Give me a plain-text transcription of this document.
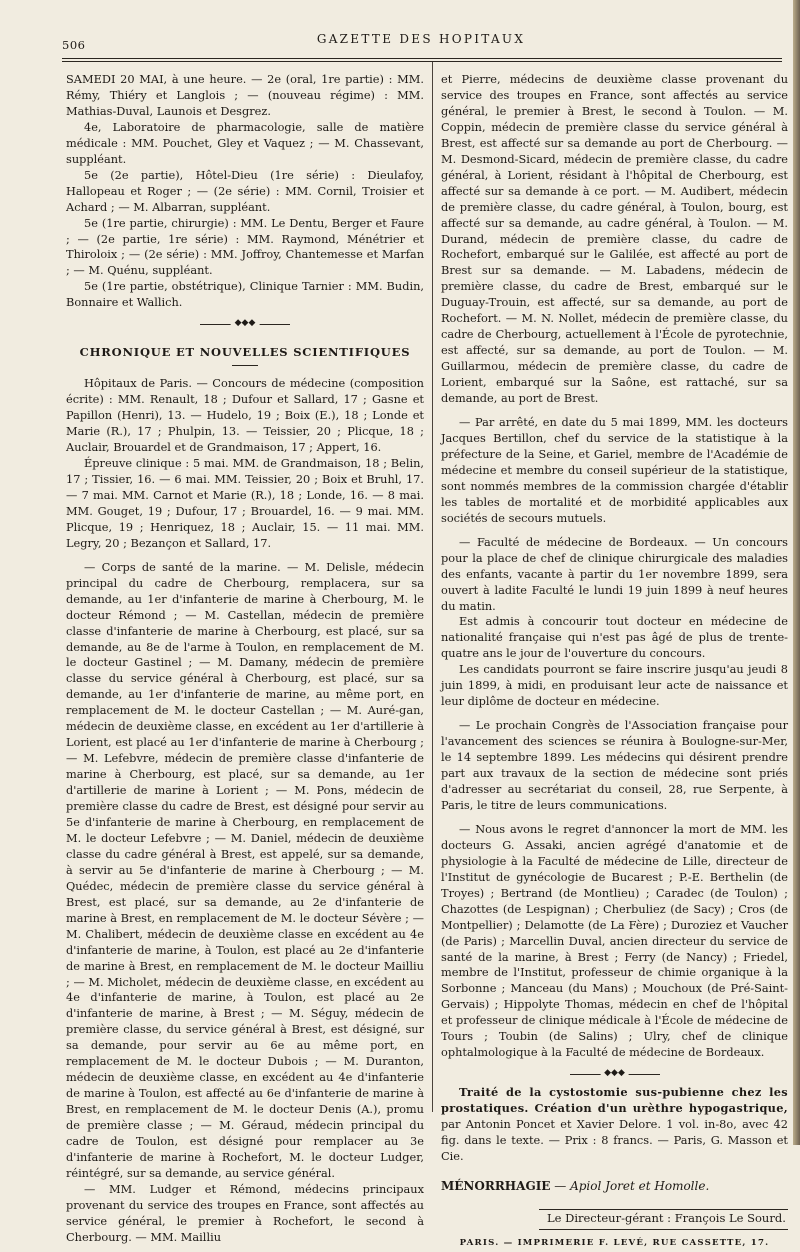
506	GAZETTE DES HOPITAUX

SAMEDI 20 MAI, à une heure. — 2e (oral, 1re partie) : MM. Rémy, Thiéry et Langlois ; — (nouveau régime) : MM. Mathias-Duval, Launois et Desgrez.

4e, Laboratoire de pharmacologie, salle de matière médicale : MM. Pouchet, Gley et Vaquez ; — M. Chassevant, suppléant.

5e (2e partie), Hôtel-Dieu (1re série) : Dieulafoy, Hallopeau et Roger ; — (2e série) : MM. Cornil, Troisier et Achard ; — M. Albarran, suppléant.

5e (1re partie, chirurgie) : MM. Le Dentu, Berger et Faure ; — (2e partie, 1re série) : MM. Raymond, Ménétrier et Thiroloix ; — (2e série) : MM. Joffroy, Chantemesse et Marfan ; — M. Quénu, suppléant.

5e (1re partie, obstétrique), Clinique Tarnier : MM. Budin, Bonnaire et Wallich.

◆◆◆
CHRONIQUE ET NOUVELLES SCIENTIFIQUES

Hôpitaux de Paris. — Concours de médecine (composition écrite) : MM. Renault, 18 ; Dufour et Sallard, 17 ; Gasne et Papillon (Henri), 13. — Hudelo, 19 ; Boix (E.), 18 ; Londe et Marie (R.), 17 ; Phulpin, 13. — Teissier, 20 ; Plicque, 18 ; Auclair, Brouardel et de Grandmaison, 17 ; Appert, 16.

Épreuve clinique : 5 mai. MM. de Grandmaison, 18 ; Belin, 17 ; Tissier, 16. — 6 mai. MM. Teissier, 20 ; Boix et Bruhl, 17. — 7 mai. MM. Carnot et Marie (R.), 18 ; Londe, 16. — 8 mai. MM. Gouget, 19 ; Dufour, 17 ; Brouardel, 16. — 9 mai. MM. Plicque, 19 ; Henriquez, 18 ; Auclair, 15. — 11 mai. MM. Legry, 20 ; Bezançon et Sallard, 17.

— Corps de santé de la marine. — M. Delisle, médecin principal du cadre de Cherbourg, remplacera, sur sa demande, au 1er d'infanterie de marine à Cherbourg, M. le docteur Rémond ; — M. Castellan, médecin de première classe d'infanterie de marine à Cherbourg, est placé, sur sa demande, au 8e de l'arme à Toulon, en remplacement de M. le docteur Gastinel ; — M. Damany, médecin de première classe du service général à Cherbourg, est placé, sur sa demande, au 1er d'infanterie de marine, au même port, en remplacement de M. le docteur Castellan ; — M. Auré-gan, médecin de deuxième classe, en excédent au 1er d'artillerie à Lorient, est placé au 1er d'infanterie de marine à Cherbourg ; — M. Lefebvre, médecin de première classe d'infanterie de marine à Cherbourg, est placé, sur sa demande, au 1er d'artillerie de marine à Lorient ; — M. Pons, médecin de première classe du cadre de Brest, est désigné pour servir au 5e d'infanterie de marine à Cherbourg, en remplacement de M. le docteur Lefebvre ; — M. Daniel, médecin de deuxième classe du cadre général à Brest, est appelé, sur sa demande, à servir au 5e d'infanterie de marine à Cherbourg ; — M. Quédec, médecin de première classe du service général à Brest, est placé, sur sa demande, au 2e d'infanterie de marine à Brest, en remplacement de M. le docteur Sévère ; — M. Chalibert, médecin de deuxième classe en excédent au 4e d'infanterie de marine, à Toulon, est placé au 2e d'infanterie de marine à Brest, en remplacement de M. le docteur Mailliu ; — M. Micholet, médecin de deuxième classe, en excédent au 4e d'infanterie de marine, à Toulon, est placé au 2e d'infanterie de marine, à Brest ; — M. Séguy, médecin de première classe, du service général à Brest, est désigné, sur sa demande, pour servir au 6e au même port, en remplacement de M. le docteur Dubois ; — M. Duranton, médecin de deuxième classe, en excédent au 4e d'infanterie de marine à Toulon, est affecté au 6e d'infanterie de marine à Brest, en remplacement de M. le docteur Denis (A.), promu de première classe ; — M. Géraud, médecin principal du cadre de Toulon, est désigné pour remplacer au 3e d'infanterie de marine à Rochefort, M. le docteur Ludger, réintégré, sur sa demande, au service général.

— MM. Ludger et Rémond, médecins principaux provenant du service des troupes en France, sont affectés au service général, le premier à Rochefort, le second à Cherbourg. — MM. Mailliu

et Pierre, médecins de deuxième classe provenant du service des troupes en France, sont affectés au service général, le premier à Brest, le second à Toulon. — M. Coppin, médecin de première classe du service général à Brest, est affecté sur sa demande au port de Cherbourg. — M. Desmond-Sicard, médecin de première classe, du cadre général, à Lorient, résidant à l'hôpital de Cherbourg, est affecté sur sa demande à ce port. — M. Audibert, médecin de première classe, du cadre général, à Toulon, bourg, est affecté sur sa demande, au cadre général, à Toulon. — M. Durand, médecin de première classe, du cadre de Rochefort, embarqué sur le Galilée, est affecté au port de Brest sur sa demande. — M. Labadens, médecin de première classe, du cadre de Brest, embarqué sur le Duguay-Trouin, est affecté, sur sa demande, au port de Rochefort. — M. N. Nollet, médecin de première classe, du cadre de Cherbourg, actuellement à l'École de pyrotechnie, est affecté, sur sa demande, au port de Toulon. — M. Guillarmou, médecin de première classe, du cadre de Lorient, embarqué sur la Saône, est rattaché, sur sa demande, au port de Brest.

— Par arrêté, en date du 5 mai 1899, MM. les docteurs Jacques Bertillon, chef du service de la statistique à la préfecture de la Seine, et Gariel, membre de l'Académie de médecine et membre du conseil supérieur de la statistique, sont nommés membres de la commission chargée d'établir les tables de mortalité et de morbidité applicables aux sociétés de secours mutuels.

— Faculté de médecine de Bordeaux. — Un concours pour la place de chef de clinique chirurgicale des maladies des enfants, vacante à partir du 1er novembre 1899, sera ouvert à ladite Faculté le lundi 19 juin 1899 à neuf heures du matin.

Est admis à concourir tout docteur en médecine de nationalité française qui n'est pas âgé de plus de trente-quatre ans le jour de l'ouverture du concours.

Les candidats pourront se faire inscrire jusqu'au jeudi 8 juin 1899, à midi, en produisant leur acte de naissance et leur diplôme de docteur en médecine.

— Le prochain Congrès de l'Association française pour l'avancement des sciences se réunira à Boulogne-sur-Mer, le 14 septembre 1899. Les médecins qui désirent prendre part aux travaux de la section de médecine sont priés d'adresser au secrétariat du conseil, 28, rue Serpente, à Paris, le titre de leurs communications.

— Nous avons le regret d'annoncer la mort de MM. les docteurs G. Assaki, ancien agrégé d'anatomie et de physiologie à la Faculté de médecine de Lille, directeur de l'Institut de gynécologie de Bucarest ; P.-E. Berthelin (de Troyes) ; Bertrand (de Montlieu) ; Caradec (de Toulon) ; Chazottes (de Lespignan) ; Cherbuliez (de Sacy) ; Cros (de Montpellier) ; Delamotte (de La Fère) ; Duroziez et Vaucher (de Paris) ; Marcellin Duval, ancien directeur du service de santé de la marine, à Brest ; Ferry (de Nancy) ; Friedel, membre de l'Institut, professeur de chimie organique à la Sorbonne ; Manceau (du Mans) ; Mouchoux (de Pré-Saint-Gervais) ; Hippolyte Thomas, médecin en chef de l'hôpital et professeur de clinique médicale à l'École de médecine de Tours ; Toubin (de Salins) ; Ulry, chef de clinique ophtalmologique à la Faculté de médecine de Bordeaux.

◆◆◆

Traité de la cystostomie sus-pubienne chez les prostatiques. Création d'un urèthre hypogastrique, par Antonin Poncet et Xavier Delore. 1 vol. in-8o, avec 42 fig. dans le texte. — Prix : 8 francs. — Paris, G. Masson et Cie.

MÉNORRHAGIE — Apiol Joret et Homolle.

Le Directeur-gérant : François Le Sourd.
PARIS. — IMPRIMERIE F. LEVÉ, RUE CASSETTE, 17.
